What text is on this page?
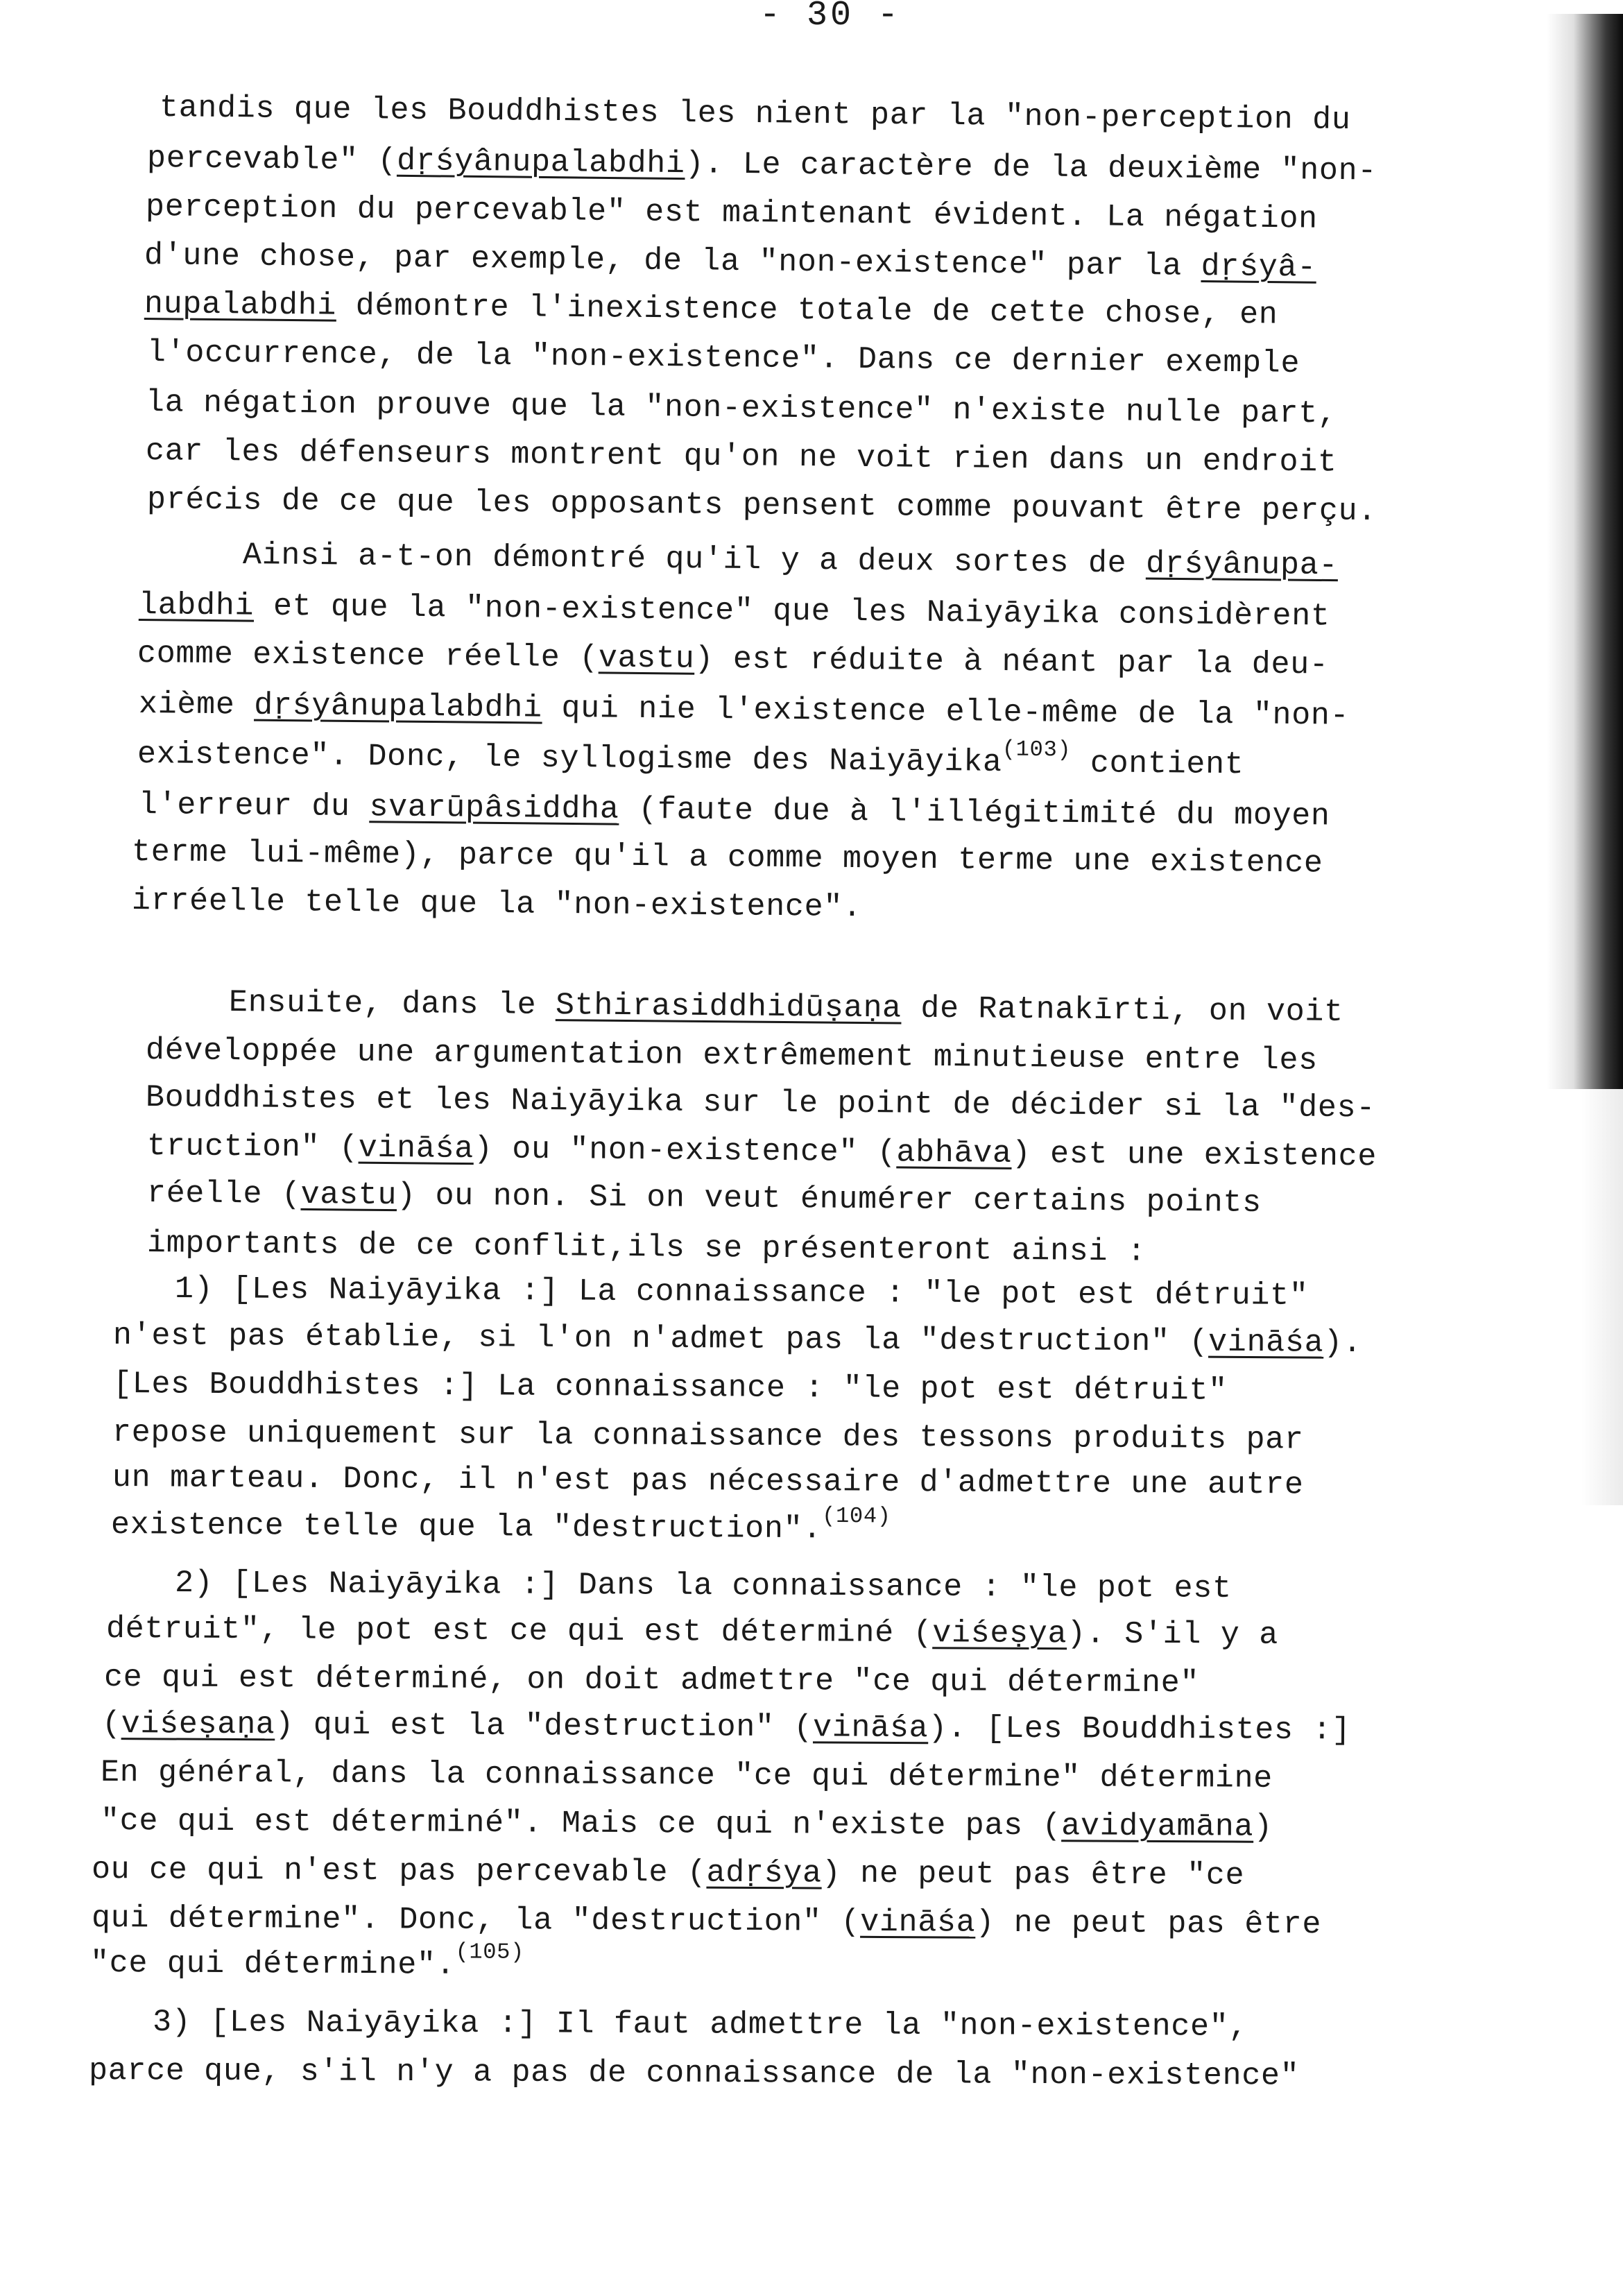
- 30 -
tandis que les Bouddhistes les nient par la "non-perception du
percevable" (dṛśyânupalabdhi). Le caractère de la deuxième "non-
perception du percevable" est maintenant évident. La négation
d'une chose, par exemple, de la "non-existence" par la dṛśyâ-
nupalabdhi démontre l'inexistence totale de cette chose, en
l'occurrence, de la "non-existence". Dans ce dernier exemple
la négation prouve que la "non-existence" n'existe nulle part,
car les défenseurs montrent qu'on ne voit rien dans un endroit
précis de ce que les opposants pensent comme pouvant être perçu.
Ainsi a-t-on démontré qu'il y a deux sortes de dṛśyânupa-
labdhi et que la "non-existence" que les Naiyāyika considèrent
comme existence réelle (vastu) est réduite à néant par la deu-
xième dṛśyânupalabdhi qui nie l'existence elle-même de la "non-
existence". Donc, le syllogisme des Naiyāyika$^{(103)}$ contient
l'erreur du svarūpâsiddha (faute due à l'illégitimité du moyen
terme lui-même), parce qu'il a comme moyen terme une existence
irréelle telle que la "non-existence".
Ensuite, dans le Sthirasiddhidūṣaṇa de Ratnakīrti, on voit
développée une argumentation extrêmement minutieuse entre les
Bouddhistes et les Naiyāyika sur le point de décider si la "des-
truction" (vināśa) ou "non-existence" (abhāva) est une existence
réelle (vastu) ou non. Si on veut énumérer certains points
importants de ce conflit,ils se présenteront ainsi :
1) [Les Naiyāyika :] La connaissance : "le pot est détruit"
n'est pas établie, si l'on n'admet pas la "destruction" (vināśa).
[Les Bouddhistes :] La connaissance : "le pot est détruit"
repose uniquement sur la connaissance des tessons produits par
un marteau. Donc, il n'est pas nécessaire d'admettre une autre
existence telle que la "destruction".$^{(104)}$
2) [Les Naiyāyika :] Dans la connaissance : "le pot est
détruit", le pot est ce qui est déterminé (viśeṣya). S'il y a
ce qui est déterminé, on doit admettre "ce qui détermine"
(viśeṣaṇa) qui est la "destruction" (vināśa). [Les Bouddhistes :]
En général, dans la connaissance "ce qui détermine" détermine
"ce qui est déterminé". Mais ce qui n'existe pas (avidyamāna)
ou ce qui n'est pas percevable (adṛśya) ne peut pas être "ce
qui détermine". Donc, la "destruction" (vināśa) ne peut pas être
"ce qui détermine".$^{(105)}$
3) [Les Naiyāyika :] Il faut admettre la "non-existence",
parce que, s'il n'y a pas de connaissance de la "non-existence"
